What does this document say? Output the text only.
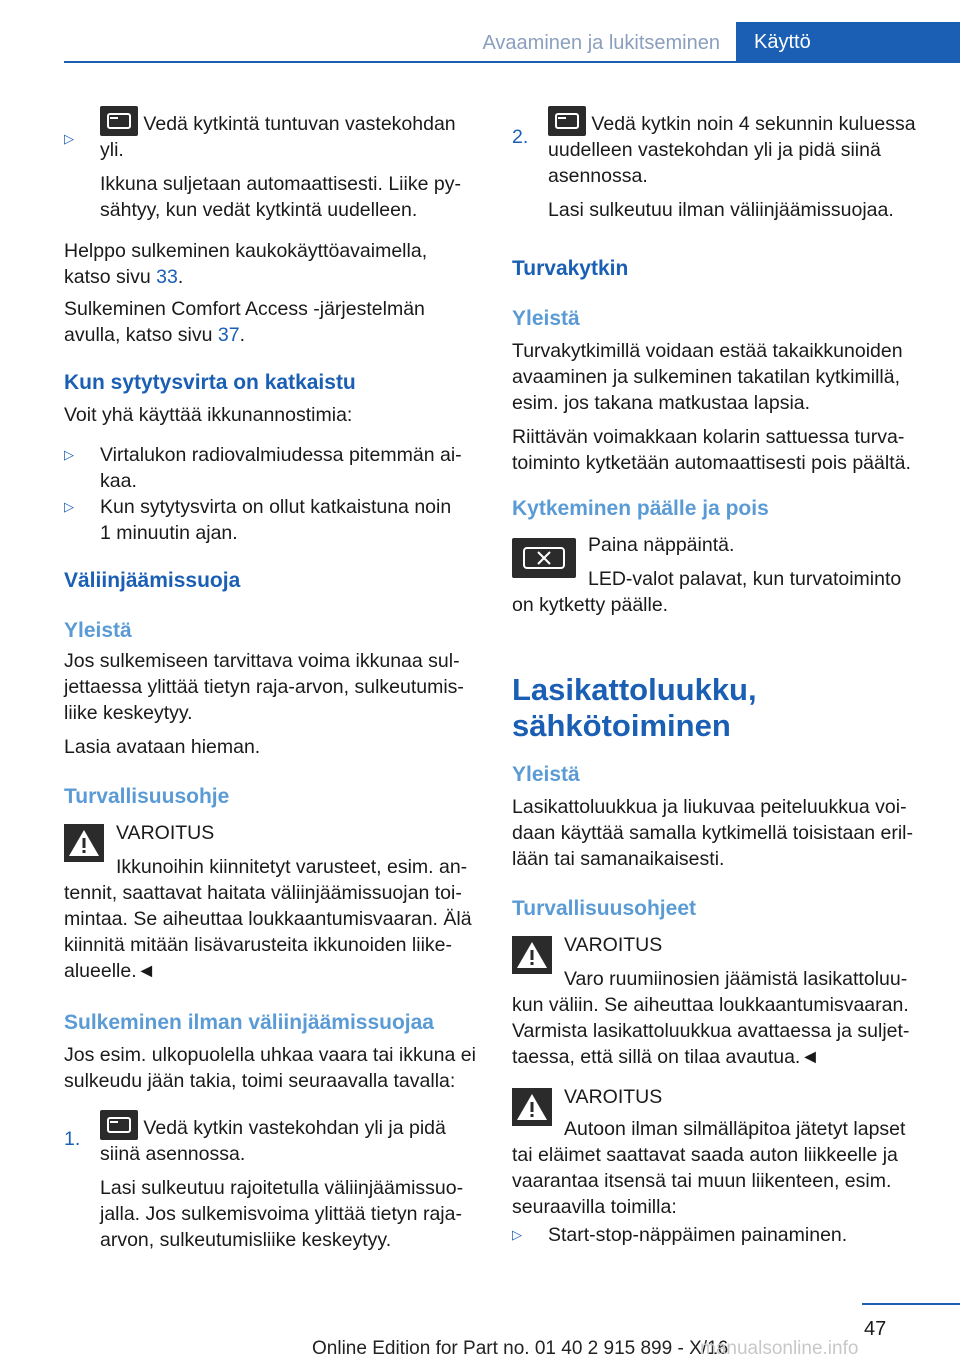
Avaaminen ja lukitseminen	Käyttö
▷

Vedä kytkintä tuntuvan vastekohdan

yli.

Ikkuna suljetaan automaattisesti. Liike py-

sähtyy, kun vedät kytkintä uudelleen.

Helppo sulkeminen kaukokäyttöavaimella,

katso sivu 33.

Sulkeminen Comfort Access -järjestelmän

avulla, katso sivu 37.

Kun sytytysvirta on katkaistu
Voit yhä käyttää ikkunannostimia:
▷ Virtalukon radiovalmiudessa pitemmän ai-

kaa.

▷ Kun sytytysvirta on ollut katkaistuna noin

1 minuutin ajan.

Väliinjäämissuoja
Yleistä

Jos sulkemiseen tarvittava voima ikkunaa sul-

jettaessa ylittää tietyn raja-arvon, sulkeutumis-

liike keskeytyy.

Lasia avataan hieman.

Turvallisuusohje
VAROITUS

Ikkunoihin kiinnitetyt varusteet, esim. an-

tennit, saattavat haitata väliinjäämissuojan toi-

mintaa. Se aiheuttaa loukkaantumisvaaran. Älä

kiinnitä mitään lisävarusteita ikkunoiden liike-

alueelle.◄

Sulkeminen ilman väliinjäämissuojaa

Jos esim. ulkopuolella uhkaa vaara tai ikkuna ei

sulkeudu jään takia, toimi seuraavalla tavalla:

1.	Vedä kytkin vastekohdan yli ja pidä

siinä asennossa.

Lasi sulkeutuu rajoitetulla väliinjäämissuo-

jalla. Jos sulkemisvoima ylittää tietyn raja-

arvon, sulkeutumisliike keskeytyy.

2.

Vedä kytkin noin 4 sekunnin kuluessa

uudelleen vastekohdan yli ja pidä siinä

asennossa.

Lasi sulkeutuu ilman väliinjäämissuojaa.

Turvakytkin
Yleistä

Turvakytkimillä voidaan estää takaikkunoiden

avaaminen ja sulkeminen takatilan kytkimillä,

esim. jos takana matkustaa lapsia.

Riittävän voimakkaan kolarin sattuessa turva-

toiminto kytketään automaattisesti pois päältä.

Kytkeminen päälle ja pois
Paina näppäintä.

LED-valot palavat, kun turvatoiminto

on kytketty päälle.

Lasikattoluukku,

sähkötoiminen

Yleistä

Lasikattoluukkua ja liukuvaa peiteluukkua voi-

daan käyttää samalla kytkimellä toisistaan eril-

lään tai samanaikaisesti.

Turvallisuusohjeet
VAROITUS

Varo ruumiinosien jäämistä lasikattoluu-

kun väliin. Se aiheuttaa loukkaantumisvaaran.

Varmista lasikattoluukkua avattaessa ja suljet-

taessa, että sillä on tilaa avautua.◄

VAROITUS

Autoon ilman silmälläpitoa jätetyt lapset

tai eläimet saattavat saada auton liikkeelle ja

vaarantaa itsensä tai muun liikenteen, esim.

seuraavilla toimilla:

▷ Start-stop-näppäimen painaminen.

47
Online Edition for Part no. 01 40 2 915 899 - X/16
manualsonline.info
